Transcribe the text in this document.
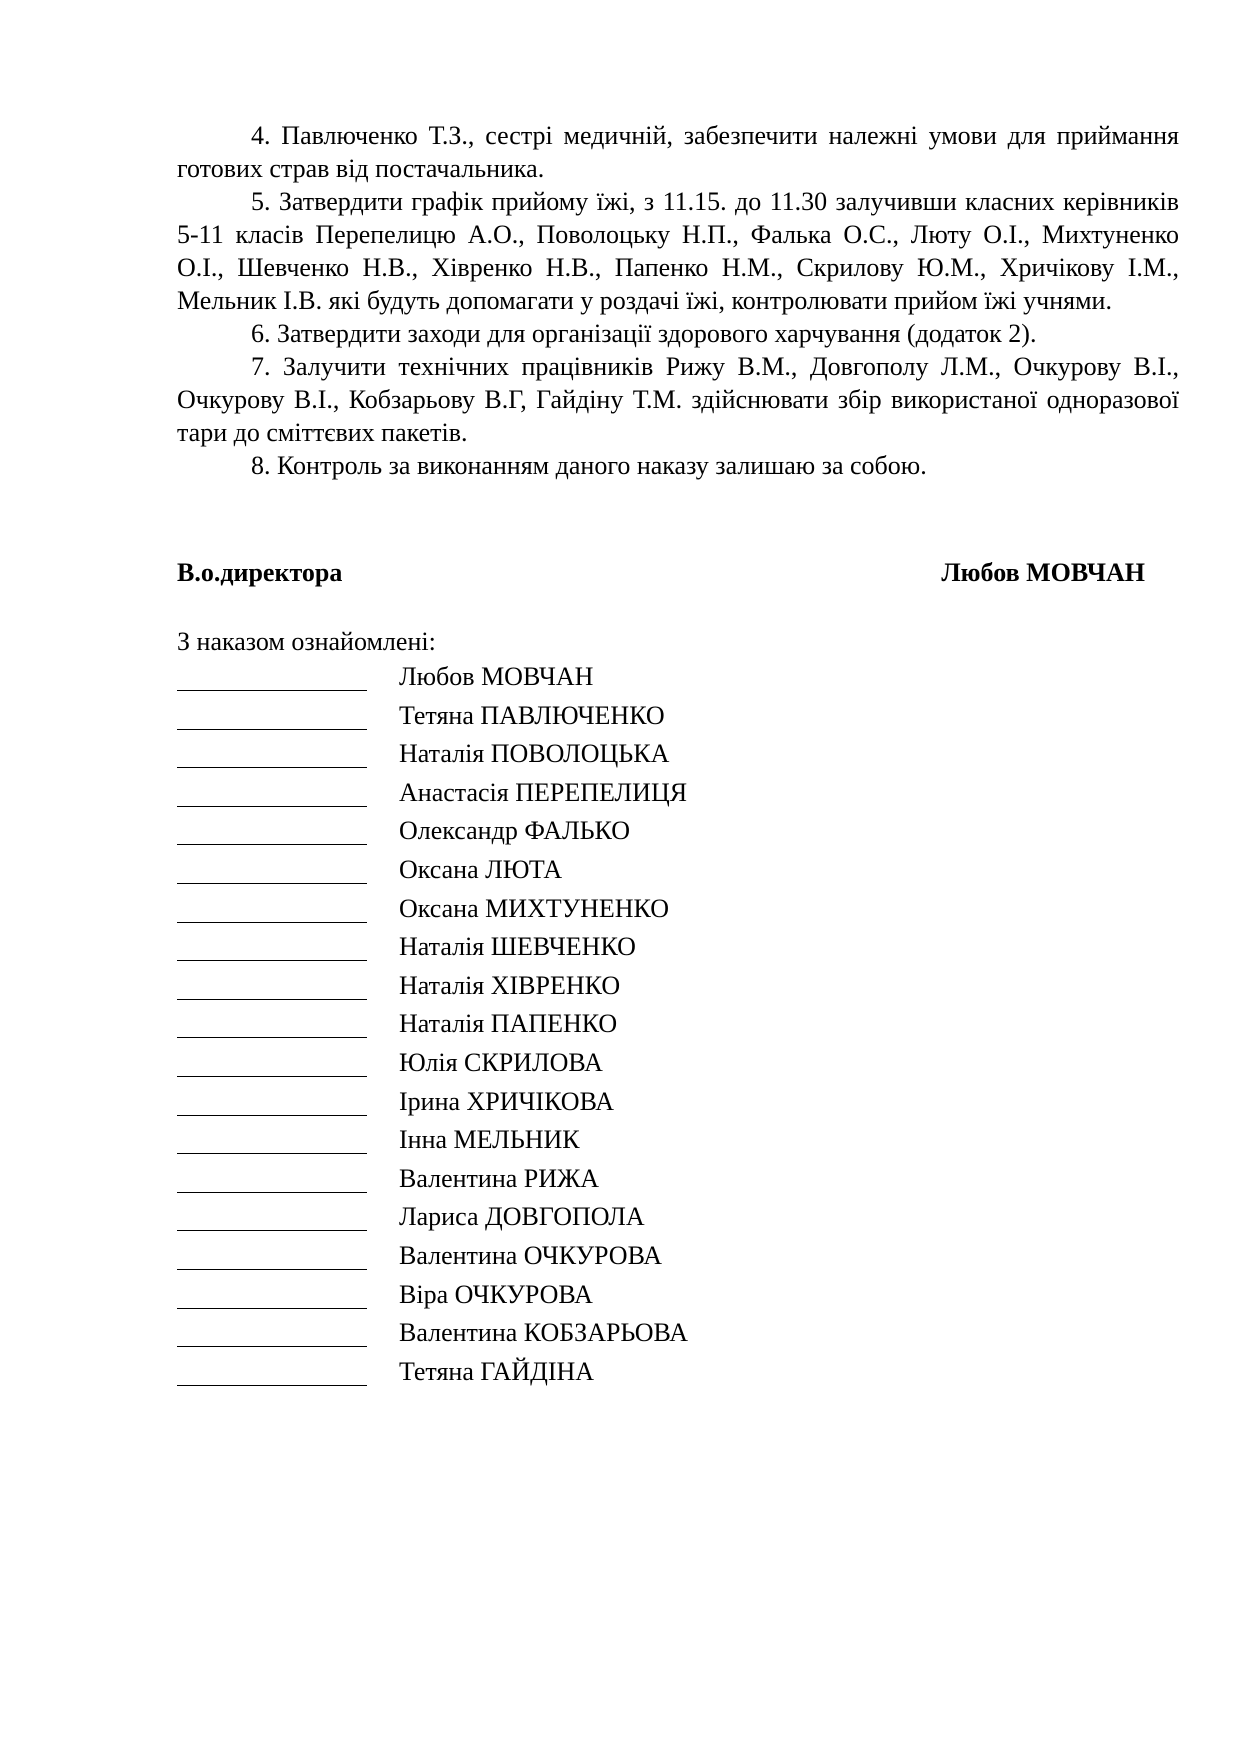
4. Павлюченко Т.З., сестрі медичній, забезпечити належні умови для приймання готових страв від постачальника.

5. Затвердити графік прийому їжі, з 11.15. до 11.30 залучивши класних керівників 5-11 класів Перепелицю А.О., Поволоцьку Н.П., Фалька О.С., Люту О.І., Михтуненко О.І., Шевченко Н.В., Хівренко Н.В., Папенко Н.М., Скрилову Ю.М., Хричікову І.М., Мельник І.В. які будуть допомагати у роздачі їжі, контролювати прийом їжі учнями.

6. Затвердити заходи для організації здорового харчування (додаток 2).

7. Залучити технічних працівників Рижу В.М., Довгополу Л.М., Очкурову В.І., Очкурову В.І., Кобзарьову В.Г, Гайдіну Т.М. здійснювати збір використаної одноразової тари до сміттєвих пакетів.

8. Контроль за виконанням даного наказу залишаю за собою.

В.о.директора	Любов МОВЧАН
З наказом ознайомлені:
Любов МОВЧАН
Тетяна ПАВЛЮЧЕНКО
Наталія ПОВОЛОЦЬКА
Анастасія ПЕРЕПЕЛИЦЯ
Олександр ФАЛЬКО
Оксана ЛЮТА
Оксана МИХТУНЕНКО
Наталія ШЕВЧЕНКО
Наталія ХІВРЕНКО
Наталія ПАПЕНКО
Юлія СКРИЛОВА
Ірина ХРИЧІКОВА
Інна МЕЛЬНИК
Валентина РИЖА
Лариса ДОВГОПОЛА
Валентина ОЧКУРОВА
Віра ОЧКУРОВА
Валентина КОБЗАРЬОВА
Тетяна ГАЙДІНА
